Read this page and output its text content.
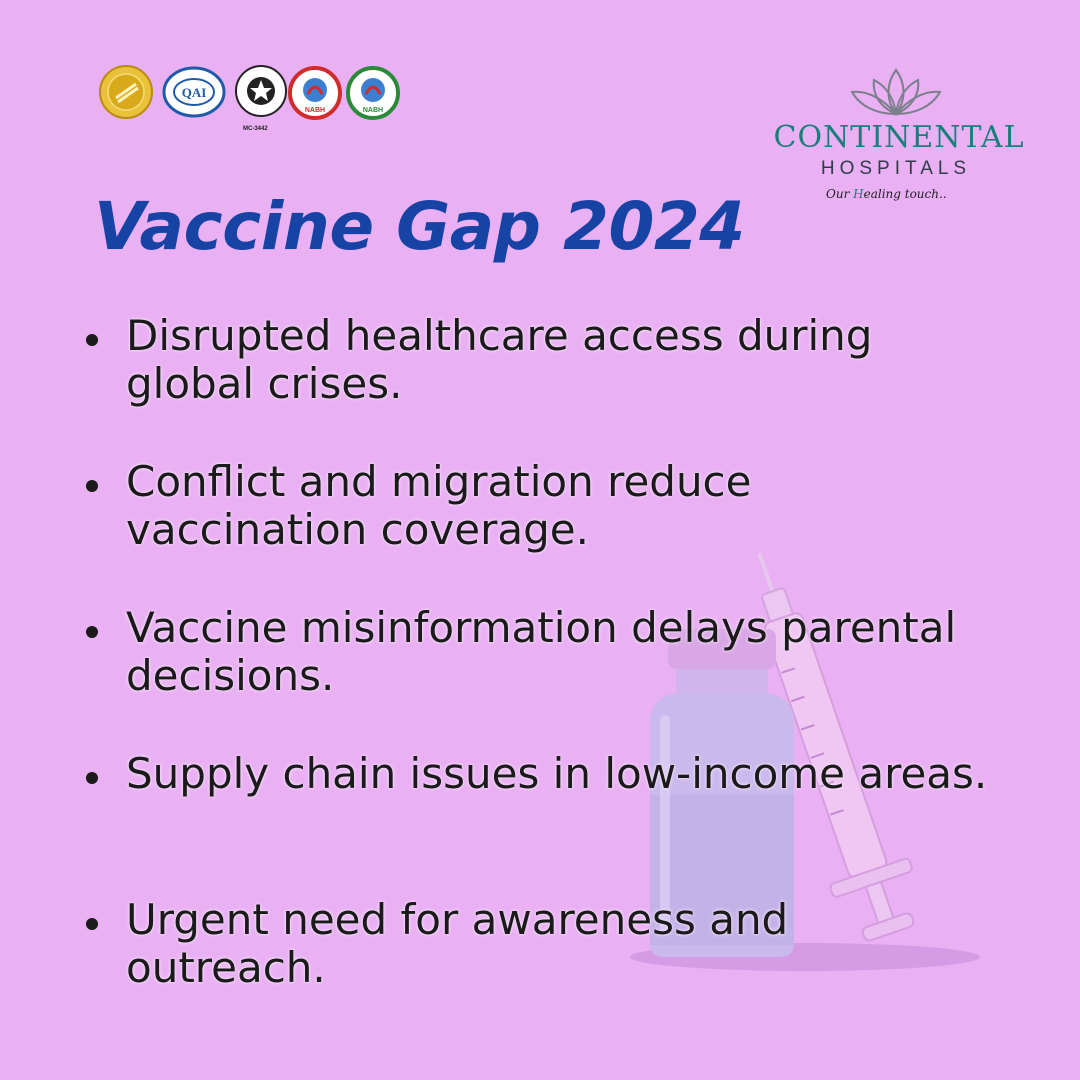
QAI
NABH	NABH
MC-3442	CONTINENTAL
HOSPITALS
Our Healing touch..
Vaccine Gap 2024
Disrupted healthcare access during global crises.
Conflict and migration reduce vaccination coverage.
Vaccine misinformation delays parental decisions.
Supply chain issues in low-income areas.
Urgent need for awareness and outreach.
